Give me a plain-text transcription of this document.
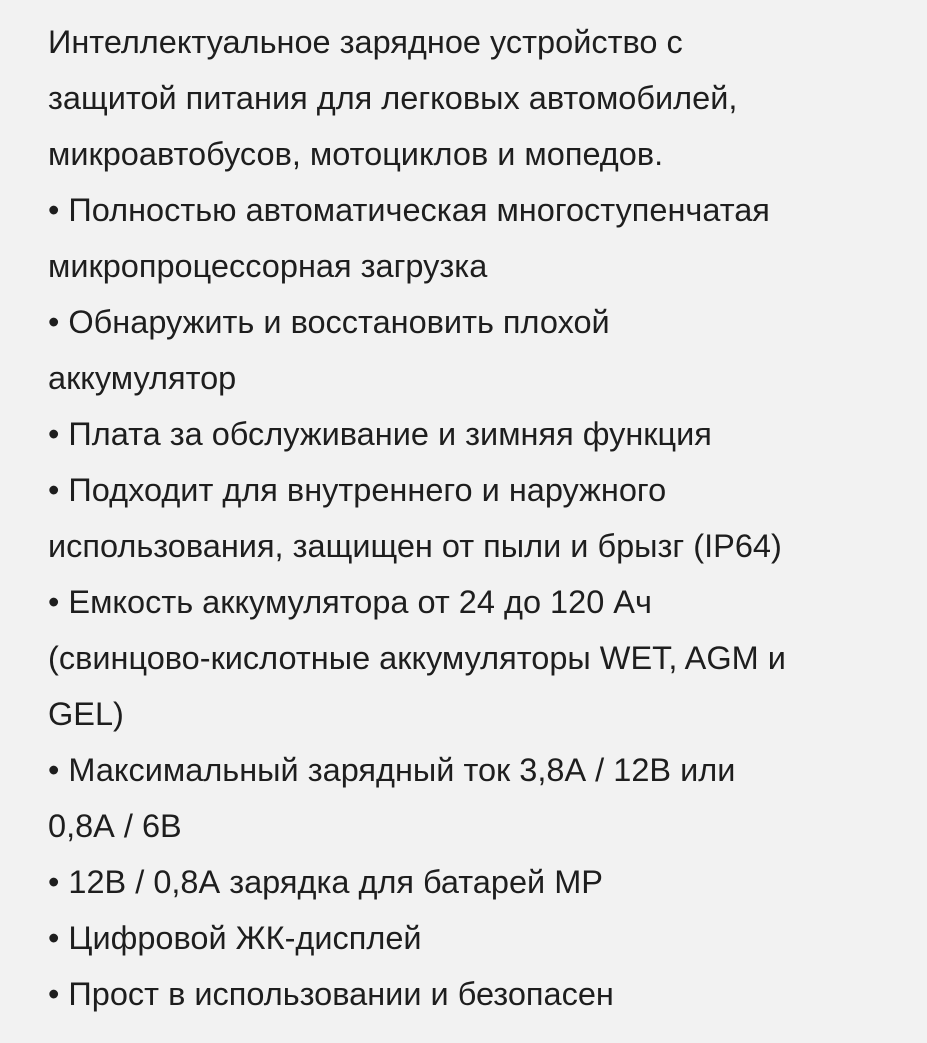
Интеллектуальное зарядное устройство с
защитой питания для легковых автомобилей,
микроавтобусов, мотоциклов и мопедов.
• Полностью автоматическая многоступенчатая
микропроцессорная загрузка
• Обнаружить и восстановить плохой
аккумулятор
• Плата за обслуживание и зимняя функция
• Подходит для внутреннего и наружного
использования, защищен от пыли и брызг (IP64)
• Емкость аккумулятора от 24 до 120 Ач
(свинцово-кислотные аккумуляторы WET, AGM и
GEL)
• Максимальный зарядный ток 3,8А / 12В или
0,8А / 6В
• 12В / 0,8А зарядка для батарей МР
• Цифровой ЖК-дисплей
• Прост в использовании и безопасен
